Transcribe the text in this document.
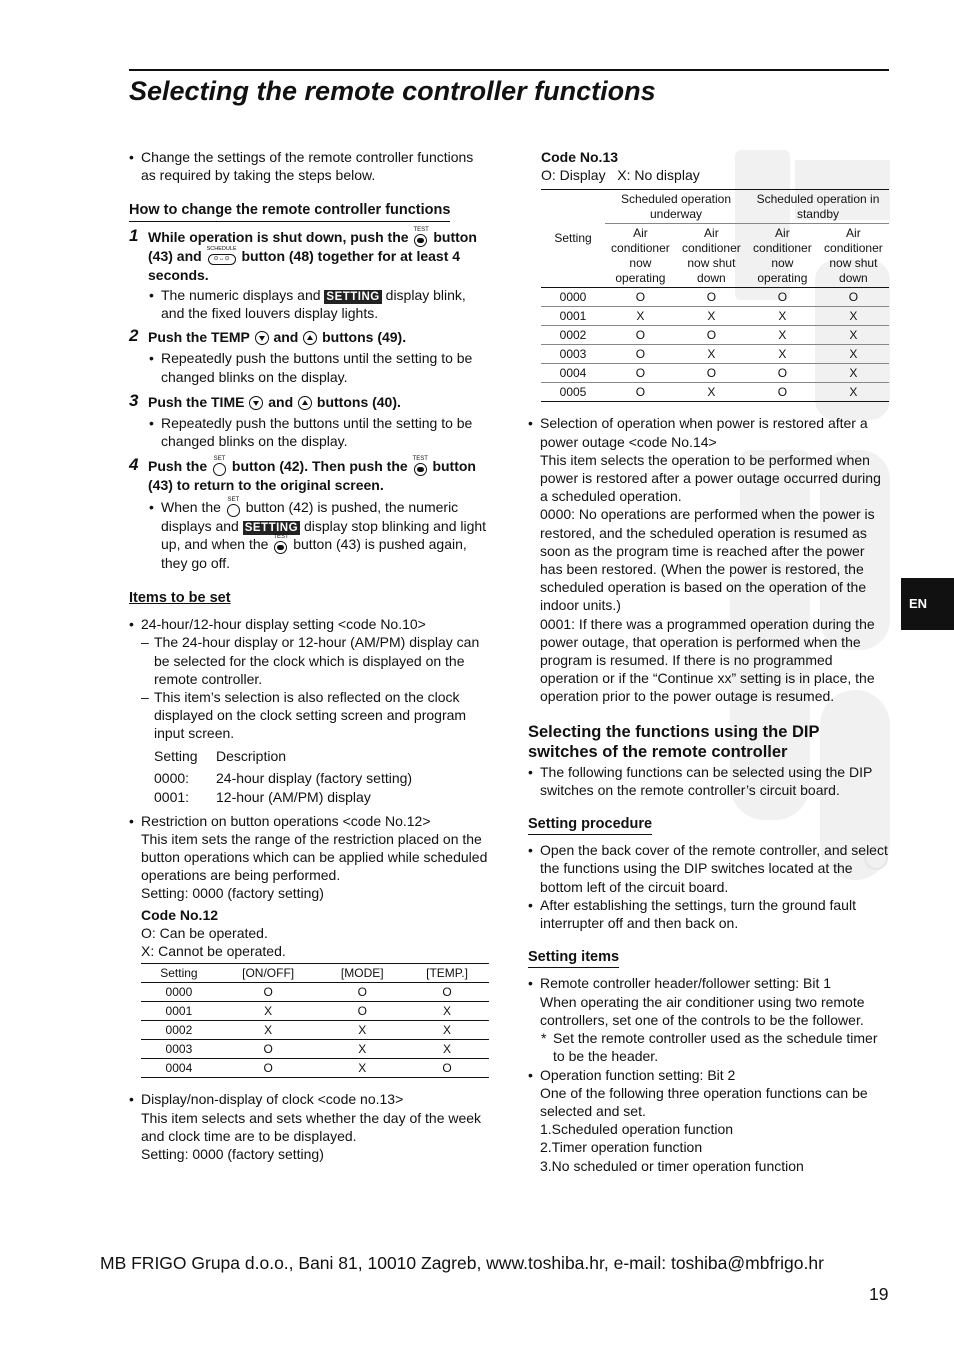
Selecting the remote controller functions

• Change the settings of the remote controller functions as required by taking the steps below.

How to change the remote controller functions
1 While operation is shut down, push the TEST button (43) and SCHEDULE
⊙↔⊙ button (48) together for at least 4 seconds.
• The numeric displays and SETTING display blink, and the fixed louvers display lights.
2 Push the TEMP and buttons (49).
• Repeatedly push the buttons until the setting to be changed blinks on the display.
3 Push the TIME and buttons (40).
• Repeatedly push the buttons until the setting to be changed blinks on the display.
4 Push the SET button (42). Then push the TEST button (43) to return to the original screen.
• When the SET button (42) is pushed, the numeric displays and SETTING display stop blinking and light up, and when the TEST button (43) is pushed again, they go off.
Items to be set

• 24-hour/12-hour display setting <code No.10>

– The 24-hour display or 12-hour (AM/PM) display can be selected for the clock which is displayed on the remote controller.

– This item’s selection is also reflected on the clock displayed on the clock setting screen and program input screen.

Setting	Description
0000:	24-hour display (factory setting)
0001:	12-hour (AM/PM) display

• Restriction on button operations <code No.12>

This item sets the range of the restriction placed on the button operations which can be applied while scheduled operations are being performed.

Setting: 0000 (factory setting)

Code No.12

O: Can be operated.

X: Cannot be operated.

Setting	[ON/OFF]	[MODE]	[TEMP.]
0000	O	O	O
0001	X	O	X
0002	X	X	X
0003	O	X	X
0004	O	X	O

• Display/non-display of clock <code no.13>

This item selects and sets whether the day of the week and clock time are to be displayed.

Setting: 0000 (factory setting)

Code No.13

O: Display   X: No display

Setting	Scheduled operation underway		Scheduled operation in standby	
	Air conditioner now operating	Air conditioner now shut down	Air conditioner now operating	Air conditioner now shut down
0000	O	O	O	O
0001	X	X	X	X
0002	O	O	X	X
0003	O	X	X	X
0004	O	O	O	X
0005	O	X	O	X

• Selection of operation when power is restored after a power outage <code No.14>

This item selects the operation to be performed when power is restored after a power outage occurred during a scheduled operation.

0000: No operations are performed when the power is restored, and the scheduled operation is resumed as soon as the program time is reached after the power has been restored. (When the power is restored, the scheduled operation is based on the operation of the indoor units.)

0001: If there was a programmed operation during the power outage, that operation is performed when the program is resumed. If there is no programmed operation or if the “Continue xx” setting is in place, the operation prior to the power outage is resumed.

Selecting the functions using the DIP switches of the remote controller

• The following functions can be selected using the DIP switches on the remote controller’s circuit board.

Setting procedure

• Open the back cover of the remote controller, and select the functions using the DIP switches located at the bottom left of the circuit board.

• After establishing the settings, turn the ground fault interrupter off and then back on.

Setting items

• Remote controller header/follower setting: Bit 1

When operating the air conditioner using two remote controllers, set one of the controls to be the follower.

* Set the remote controller used as the schedule timer to be the header.

• Operation function setting: Bit 2

One of the following three operation functions can be selected and set.

1.Scheduled operation function

2.Timer operation function

3.No scheduled or timer operation function

EN
MB FRIGO Grupa d.o.o., Bani 81, 10010 Zagreb, www.toshiba.hr, e-mail: toshiba@mbfrigo.hr
19
